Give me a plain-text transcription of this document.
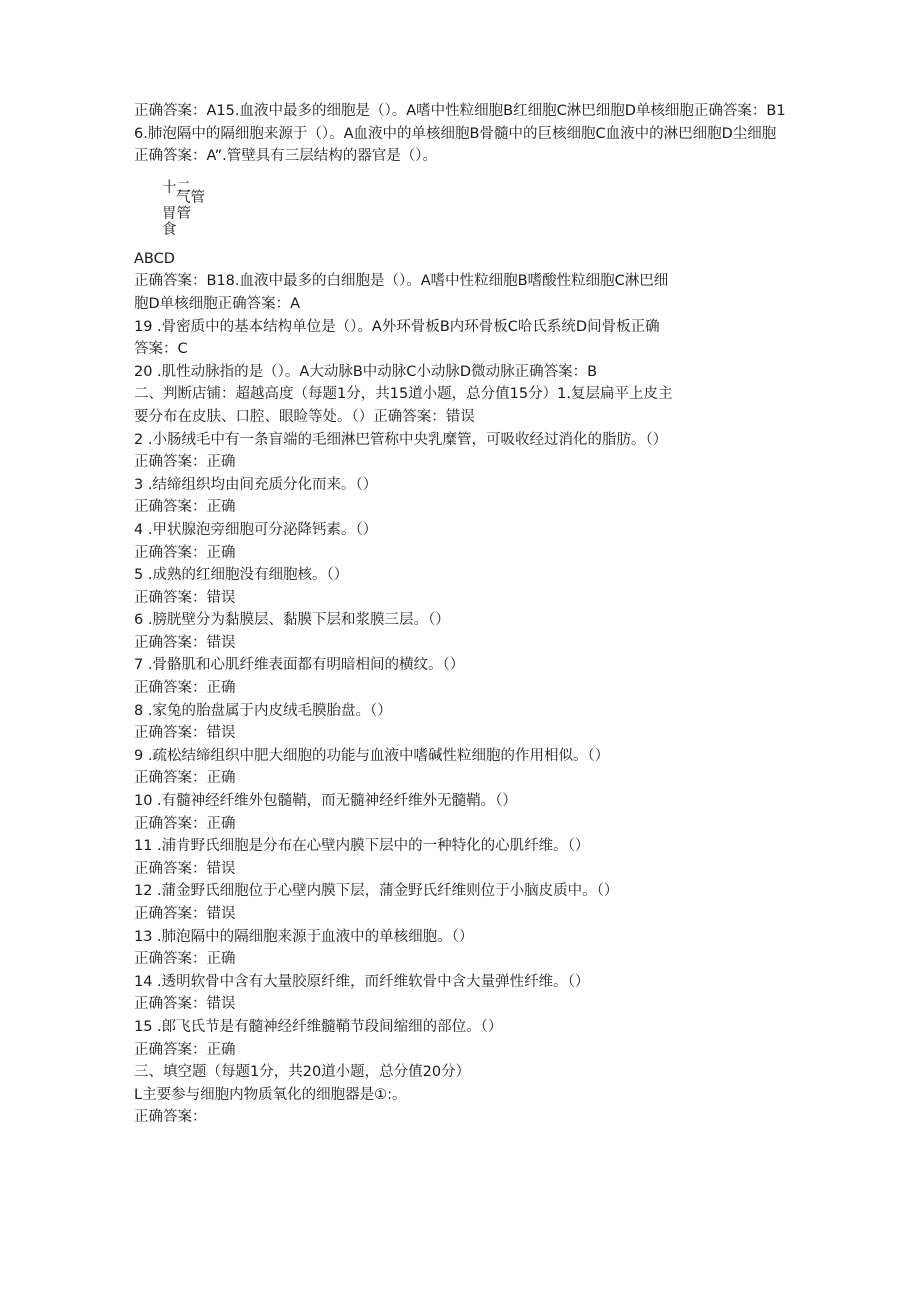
正确答案：A15.血液中最多的细胞是（）。A嗜中性粒细胞B红细胞C淋巴细胞D单核细胞正确答案：B16.肺泡隔中的隔细胞来源于（）。A血液中的单核细胞B骨髓中的巨核细胞C血液中的淋巴细胞D尘细胞正确答案：A”.管壁具有三层结构的器官是（）。

十二
气管
胃管
食

ABCD

正确答案：B18.血液中最多的白细胞是（）。A嗜中性粒细胞B嗜酸性粒细胞C淋巴细

胞D单核细胞正确答案：A

19 .骨密质中的基本结构单位是（）。A外环骨板B内环骨板C哈氏系统D间骨板正确

答案：C

20 .肌性动脉指的是（）。A大动脉B中动脉C小动脉D微动脉正确答案：B

二、判断店铺：超越高度（每题1分，共15道小题，总分值15分）1.复层扁平上皮主

要分布在皮肤、口腔、眼睑等处。（）正确答案：错误

2 .小肠绒毛中有一条盲端的毛细淋巴管称中央乳糜管，可吸收经过消化的脂肪。（）

正确答案：正确

3 .结缔组织均由间充质分化而来。（）

正确答案：正确

4 .甲状腺泡旁细胞可分泌降钙素。（）

正确答案：正确

5 .成熟的红细胞没有细胞核。（）

正确答案：错误

6 .膀胱壁分为黏膜层、黏膜下层和浆膜三层。（）

正确答案：错误

7 .骨骼肌和心肌纤维表面都有明暗相间的横纹。（）

正确答案：正确

8 .家兔的胎盘属于内皮绒毛膜胎盘。（）

正确答案：错误

9 .疏松结缔组织中肥大细胞的功能与血液中嗜碱性粒细胞的作用相似。（）

正确答案：正确

10 .有髓神经纤维外包髓鞘，而无髓神经纤维外无髓鞘。（）

正确答案：正确

11 .浦肯野氏细胞是分布在心壁内膜下层中的一种特化的心肌纤维。（）

正确答案：错误

12 .蒲金野氏细胞位于心壁内膜下层，蒲金野氏纤维则位于小脑皮质中。（）

正确答案：错误

13 .肺泡隔中的隔细胞来源于血液中的单核细胞。（）

正确答案：正确

14 .透明软骨中含有大量胶原纤维，而纤维软骨中含大量弹性纤维。（）

正确答案：错误

15 .郎飞氏节是有髓神经纤维髓鞘节段间缩细的部位。（）

正确答案：正确

三、填空题（每题1分，共20道小题，总分值20分）

L主要参与细胞内物质氧化的细胞器是①:。

正确答案：
